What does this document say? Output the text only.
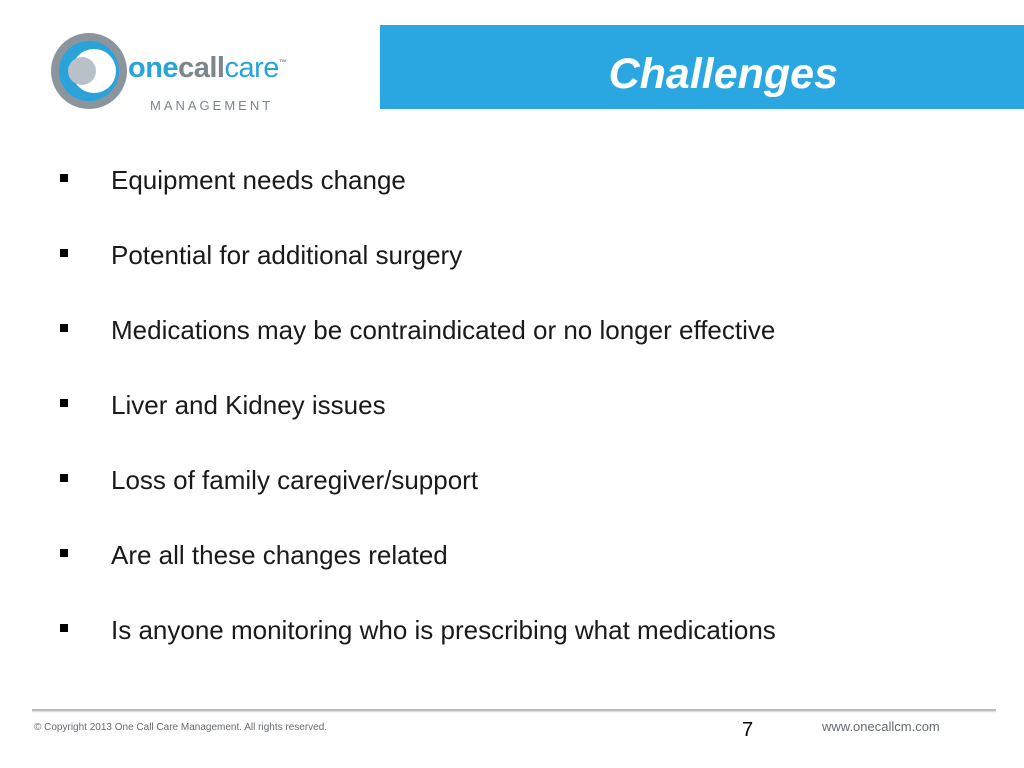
onecallcare™
MANAGEMENT
Challenges
Equipment needs change
Potential for additional surgery
Medications may be contraindicated or no longer effective
Liver and Kidney issues
Loss of family caregiver/support
Are all these changes related
Is anyone monitoring who is prescribing what medications
© Copyright 2013 One Call Care Management. All rights reserved.	7	www.onecallcm.com
